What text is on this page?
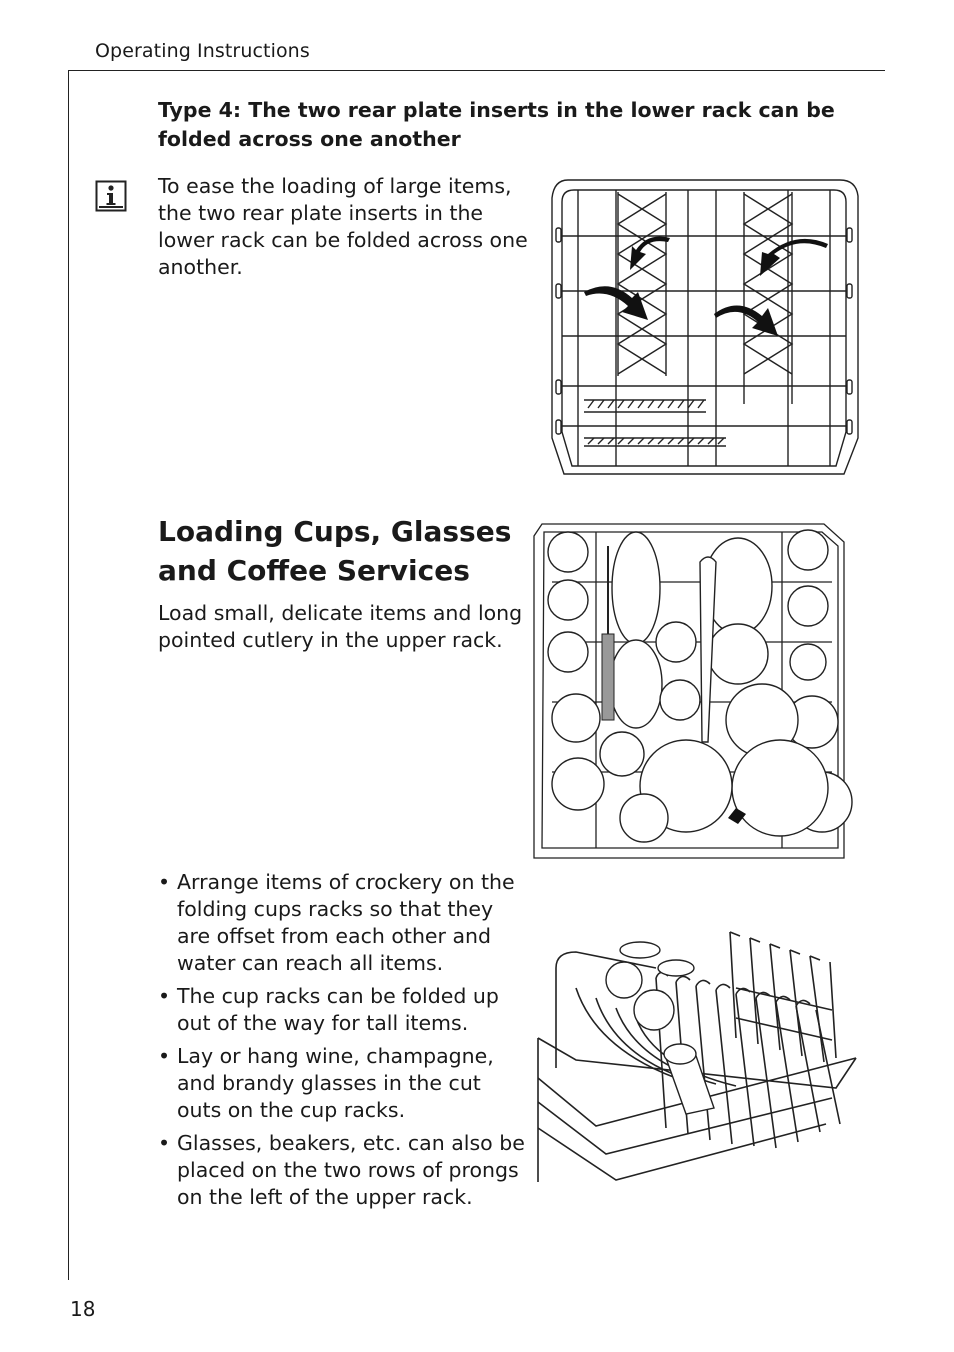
Operating Instructions
Type 4: The two rear plate inserts in the lower rack can be folded across one another
To ease the loading of large items, the two rear plate inserts in the lower rack can be folded across one another.
Loading Cups, Glasses and Coffee Services
Load small, delicate items and long pointed cutlery in the upper rack.
• Arrange items of crockery on the folding cups racks so that they are offset from each other and water can reach all items.
• The cup racks can be folded up out of the way for tall items.
• Lay or hang wine, champagne, and brandy glasses in the cut outs on the cup racks.
• Glasses, beakers, etc. can also be placed on the two rows of prongs on the left of the upper rack.
18
